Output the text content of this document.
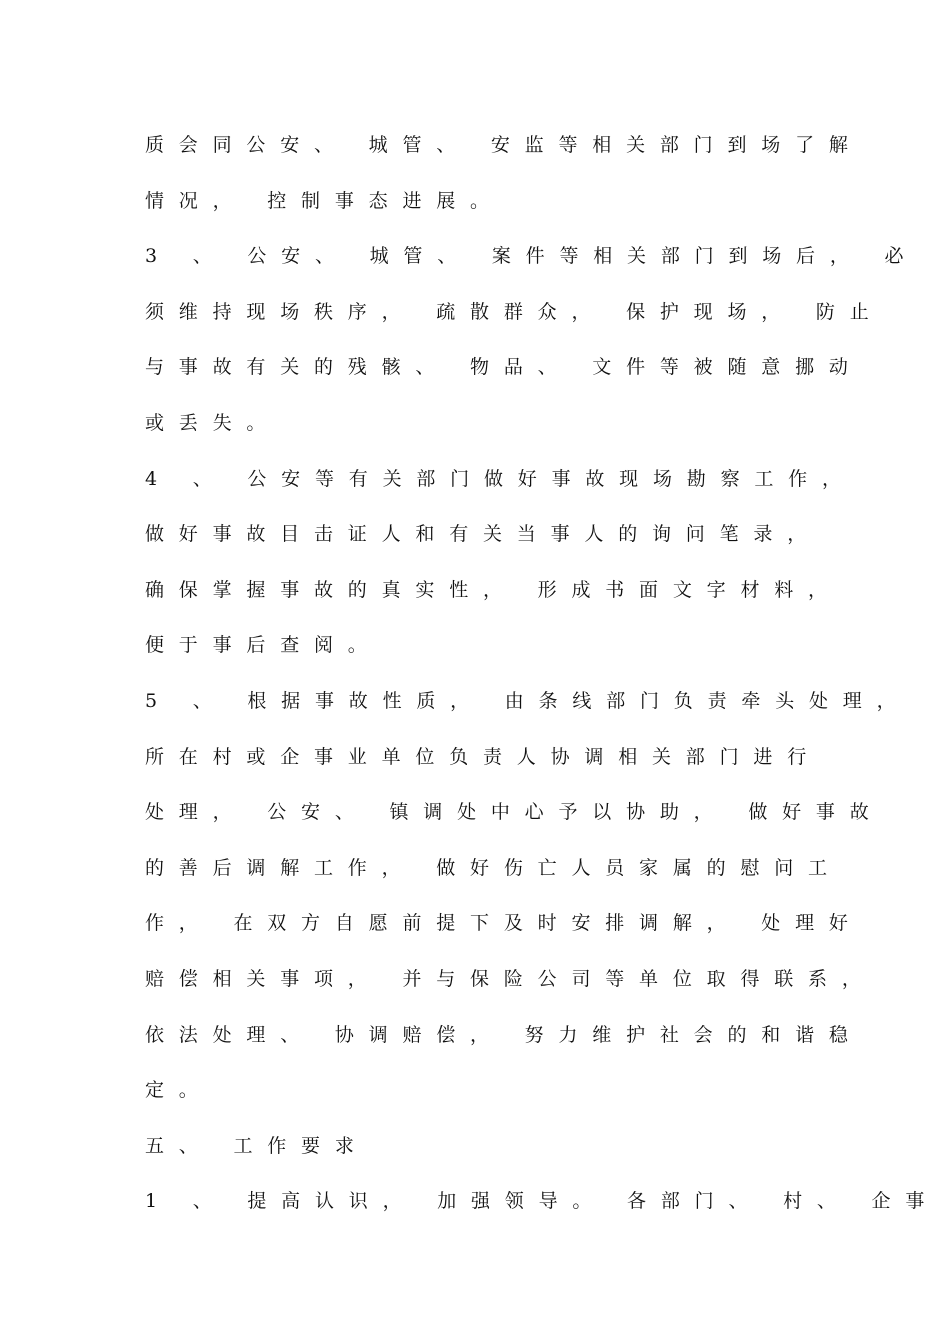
质会同公安、 城管、 安监等相关部门到场了解
情况， 控制事态进展。
3 、 公安、 城管、 案件等相关部门到场后， 必
须维持现场秩序， 疏散群众， 保护现场， 防止
与事故有关的残骸、 物品、 文件等被随意挪动
或丢失。
4 、 公安等有关部门做好事故现场勘察工作，
做好事故目击证人和有关当事人的询问笔录，
确保掌握事故的真实性， 形成书面文字材料，
便于事后查阅。
5 、 根据事故性质， 由条线部门负责牵头处理，
所在村或企事业单位负责人协调相关部门进行
处理， 公安、 镇调处中心予以协助， 做好事故
的善后调解工作， 做好伤亡人员家属的慰问工
作， 在双方自愿前提下及时安排调解， 处理好
赔偿相关事项， 并与保险公司等单位取得联系，
依法处理、 协调赔偿， 努力维护社会的和谐稳
定。
五、 工作要求
1 、 提高认识， 加强领导。 各部门、 村、 企事
